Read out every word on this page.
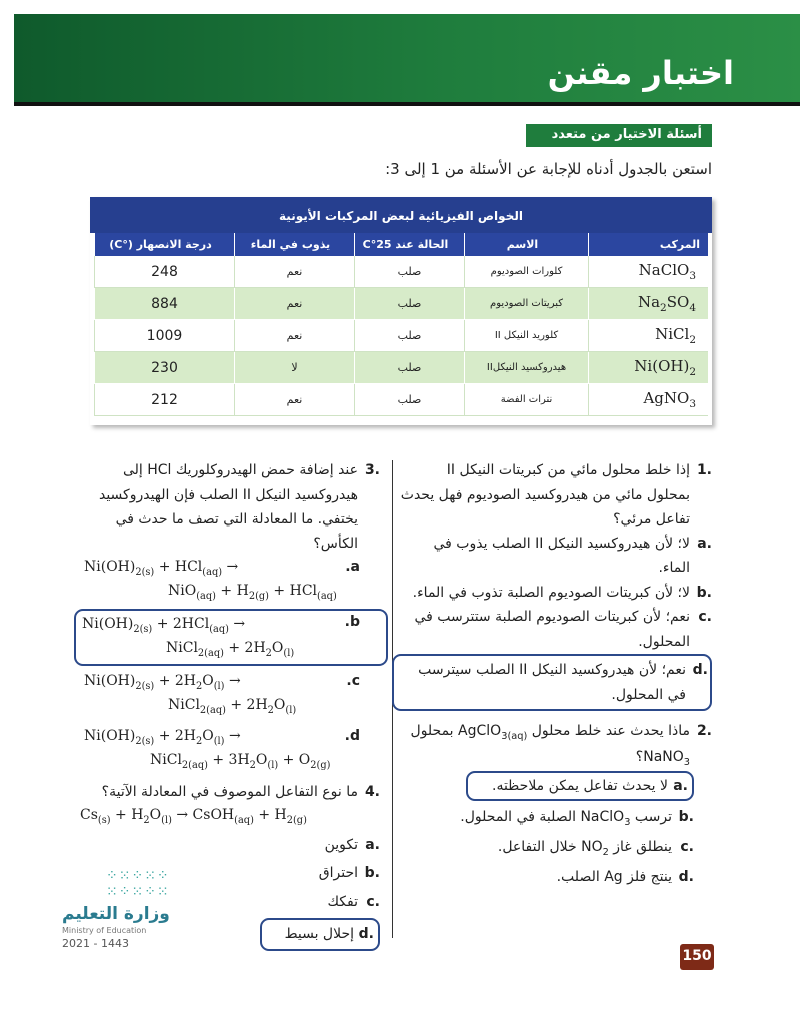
اختبار مقنن
أسئلة الاختيار من متعدد
استعن بالجدول أدناه للإجابة عن الأسئلة من 1 إلى 3:
الخواص الفيزيائية لبعض المركبات الأيونية
المركب	الاسم	الحالة عند 25°C	يذوب في الماء	درجة الانصهار (°C)
NaClO$_3$	كلورات الصوديوم	صلب	نعم	248
$Na_2SO_4$	كبريتات الصوديوم	صلب	نعم	884
NiCl$_2$	كلوريد النيكل II	صلب	نعم	1009
$Ni(OH)_2$	هيدروكسيد النيكلII	صلب	لا	230
AgNO$_3$	نترات الفضة	صلب	نعم	212
1.
إذا خلط محلول مائي من كبريتات النيكل II بمحلول مائي من هيدروكسيد الصوديوم فهل يحدث تفاعل مرئي؟
a.
لا؛ لأن هيدروكسيد النيكل II الصلب يذوب في الماء.
b.
لا؛ لأن كبريتات الصوديوم الصلبة تذوب في الماء.
c.
نعم؛ لأن كبريتات الصوديوم الصلبة ستترسب في المحلول.
d.
نعم؛ لأن هيدروكسيد النيكل II الصلب سيترسب في المحلول.
2.
ماذا يحدث عند خلط محلول AgClO$_{3(aq)}$ بمحلول NaNO$_3$؟
a.
لا يحدث تفاعل يمكن ملاحظته.
b.
ترسب NaClO$_3$ الصلبة في المحلول.
c.
ينطلق غاز $NO_2$ خلال التفاعل.
d.
ينتج فلز Ag الصلب.
3.
عند إضافة حمض الهيدروكلوريك HCl إلى هيدروكسيد النيكل II الصلب فإن الهيدروكسيد يختفي. ما المعادلة التي تصف ما حدث في الكأس؟
.a
$Ni(OH)_{2(s)} + HCl_{(aq)}$ →
$NiO_{(aq)} + H_{2(g)} + HCl_{(aq)}$
.b
$Ni(OH)_{2(s)} + 2HCl_{(aq)}$ →
NiCl$_{2(aq)}$ + $2H_2O_{(l)}$
.c
$Ni(OH)_{2(s)} + 2H_2O_{(l)}$ →
NiCl$_{2(aq)}$ + $2H_2O_{(l)}$
.d
$Ni(OH)_{2(s)} + 2H_2O_{(l)}$ →
NiCl$_{2(aq)}$ + $3H_2O_{(l)} + O_{2(g)}$
4.
ما نوع التفاعل الموصوف في المعادلة الآتية؟
$Cs_{(s)} + H_2O_{(l)}$ → CsOH$_{(aq)}$ + $H_{2(g)}$
a.
تكوين
b.
احتراق
c.
تفكك
d.
إحلال بسيط
⁘⁙⁘⁙⁘
⁙⁘⁙⁘⁙
وزارة التعليم
Ministry of Education
2021 - 1443
150
